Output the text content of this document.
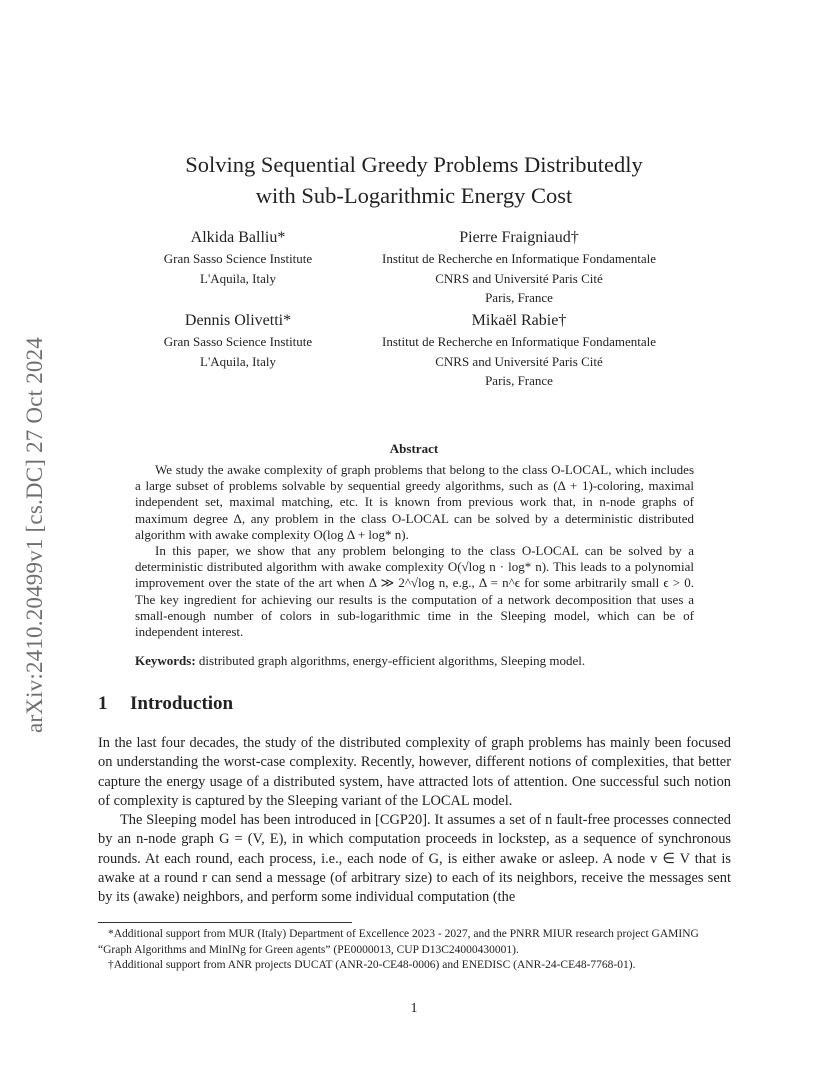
arXiv:2410.20499v1 [cs.DC] 27 Oct 2024
Solving Sequential Greedy Problems Distributedly
with Sub-Logarithmic Energy Cost
Alkida Balliu*
Gran Sasso Science Institute
L'Aquila, Italy
Pierre Fraigniaud†
Institut de Recherche en Informatique Fondamentale
CNRS and Université Paris Cité
Paris, France
Dennis Olivetti*
Gran Sasso Science Institute
L'Aquila, Italy
Mikaël Rabie†
Institut de Recherche en Informatique Fondamentale
CNRS and Université Paris Cité
Paris, France
Abstract

We study the awake complexity of graph problems that belong to the class O-LOCAL, which includes a large subset of problems solvable by sequential greedy algorithms, such as (Δ + 1)-coloring, maximal independent set, maximal matching, etc. It is known from previous work that, in n-node graphs of maximum degree Δ, any problem in the class O-LOCAL can be solved by a deterministic distributed algorithm with awake complexity O(log Δ + log* n).

In this paper, we show that any problem belonging to the class O-LOCAL can be solved by a deterministic distributed algorithm with awake complexity O(√log n · log* n). This leads to a polynomial improvement over the state of the art when Δ ≫ 2^√log n, e.g., Δ = n^ϵ for some arbitrarily small ϵ > 0. The key ingredient for achieving our results is the computation of a network decomposition that uses a small-enough number of colors in sub-logarithmic time in the Sleeping model, which can be of independent interest.

Keywords: distributed graph algorithms, energy-efficient algorithms, Sleeping model.
1 Introduction

In the last four decades, the study of the distributed complexity of graph problems has mainly been focused on understanding the worst-case complexity. Recently, however, different notions of complexities, that better capture the energy usage of a distributed system, have attracted lots of attention. One successful such notion of complexity is captured by the Sleeping variant of the LOCAL model.

The Sleeping model has been introduced in [CGP20]. It assumes a set of n fault-free processes connected by an n-node graph G = (V, E), in which computation proceeds in lockstep, as a sequence of synchronous rounds. At each round, each process, i.e., each node of G, is either awake or asleep. A node v ∈ V that is awake at a round r can send a message (of arbitrary size) to each of its neighbors, receive the messages sent by its (awake) neighbors, and perform some individual computation (the

*Additional support from MUR (Italy) Department of Excellence 2023 - 2027, and the PNRR MIUR research project GAMING “Graph Algorithms and MinINg for Green agents” (PE0000013, CUP D13C24000430001).
†Additional support from ANR projects DUCAT (ANR-20-CE48-0006) and ENEDISC (ANR-24-CE48-7768-01).
1
